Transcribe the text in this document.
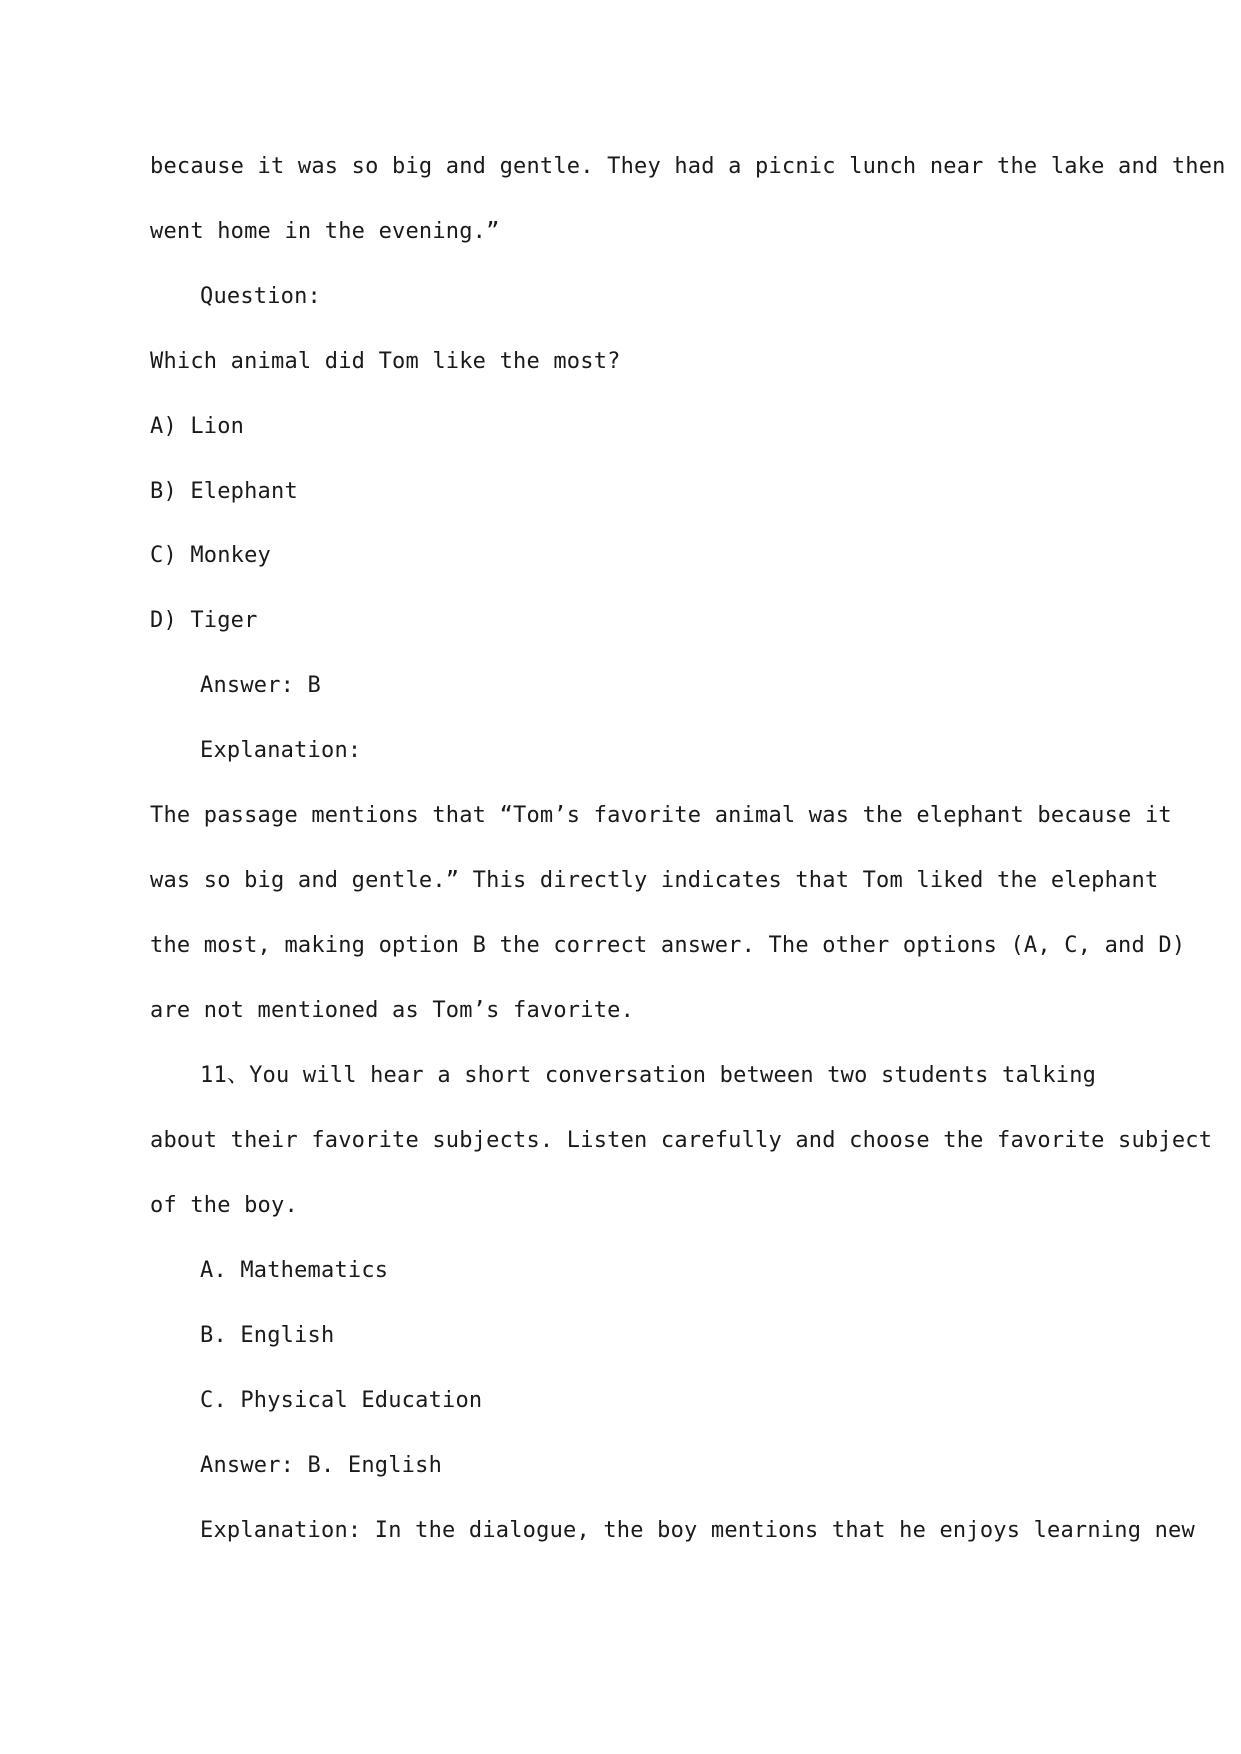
because it was so big and gentle. They had a picnic lunch near the lake and then
went home in the evening.”
Question:
Which animal did Tom like the most?
A) Lion
B) Elephant
C) Monkey
D) Tiger
Answer: B
Explanation:
The passage mentions that “Tom’s favorite animal was the elephant because it
was so big and gentle.” This directly indicates that Tom liked the elephant
the most, making option B the correct answer. The other options (A, C, and D)
are not mentioned as Tom’s favorite.
11、You will hear a short conversation between two students talking
about their favorite subjects. Listen carefully and choose the favorite subject
of the boy.
A. Mathematics
B. English
C. Physical Education
Answer: B. English
Explanation: In the dialogue, the boy mentions that he enjoys learning new
